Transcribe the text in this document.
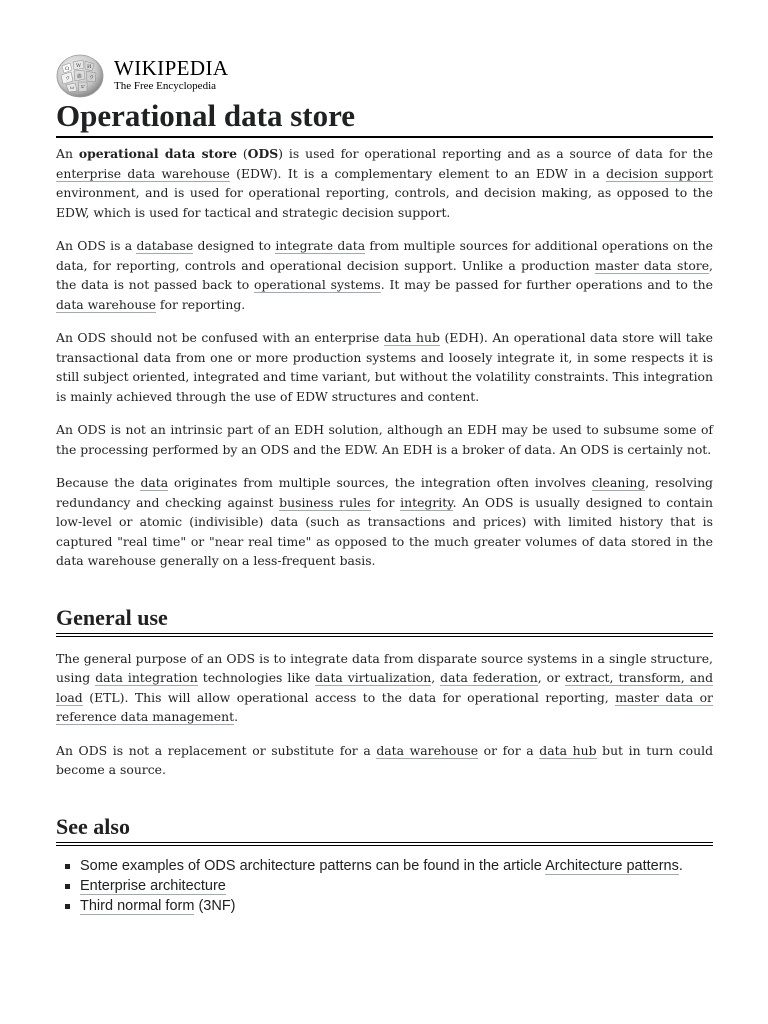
Ω W И
ウ 維 ウ
ω ש
WIKIPEDIA
The Free Encyclopedia
Operational data store

An operational data store (ODS) is used for operational reporting and as a source of data for the enterprise data warehouse (EDW). It is a complementary element to an EDW in a decision support environment, and is used for operational reporting, controls, and decision making, as opposed to the EDW, which is used for tactical and strategic decision support.

An ODS is a database designed to integrate data from multiple sources for additional operations on the data, for reporting, controls and operational decision support. Unlike a production master data store, the data is not passed back to operational systems. It may be passed for further operations and to the data warehouse for reporting.

An ODS should not be confused with an enterprise data hub (EDH). An operational data store will take transactional data from one or more production systems and loosely integrate it, in some respects it is still subject oriented, integrated and time variant, but without the volatility constraints. This integration is mainly achieved through the use of EDW structures and content.

An ODS is not an intrinsic part of an EDH solution, although an EDH may be used to subsume some of the processing performed by an ODS and the EDW. An EDH is a broker of data. An ODS is certainly not.

Because the data originates from multiple sources, the integration often involves cleaning, resolving redundancy and checking against business rules for integrity. An ODS is usually designed to contain low-level or atomic (indivisible) data (such as transactions and prices) with limited history that is captured "real time" or "near real time" as opposed to the much greater volumes of data stored in the data warehouse generally on a less-frequent basis.

General use

The general purpose of an ODS is to integrate data from disparate source systems in a single structure, using data integration technologies like data virtualization, data federation, or extract, transform, and load (ETL). This will allow operational access to the data for operational reporting, master data or reference data management.

An ODS is not a replacement or substitute for a data warehouse or for a data hub but in turn could become a source.

See also
Some examples of ODS architecture patterns can be found in the article Architecture patterns.
Enterprise architecture
Third normal form (3NF)
